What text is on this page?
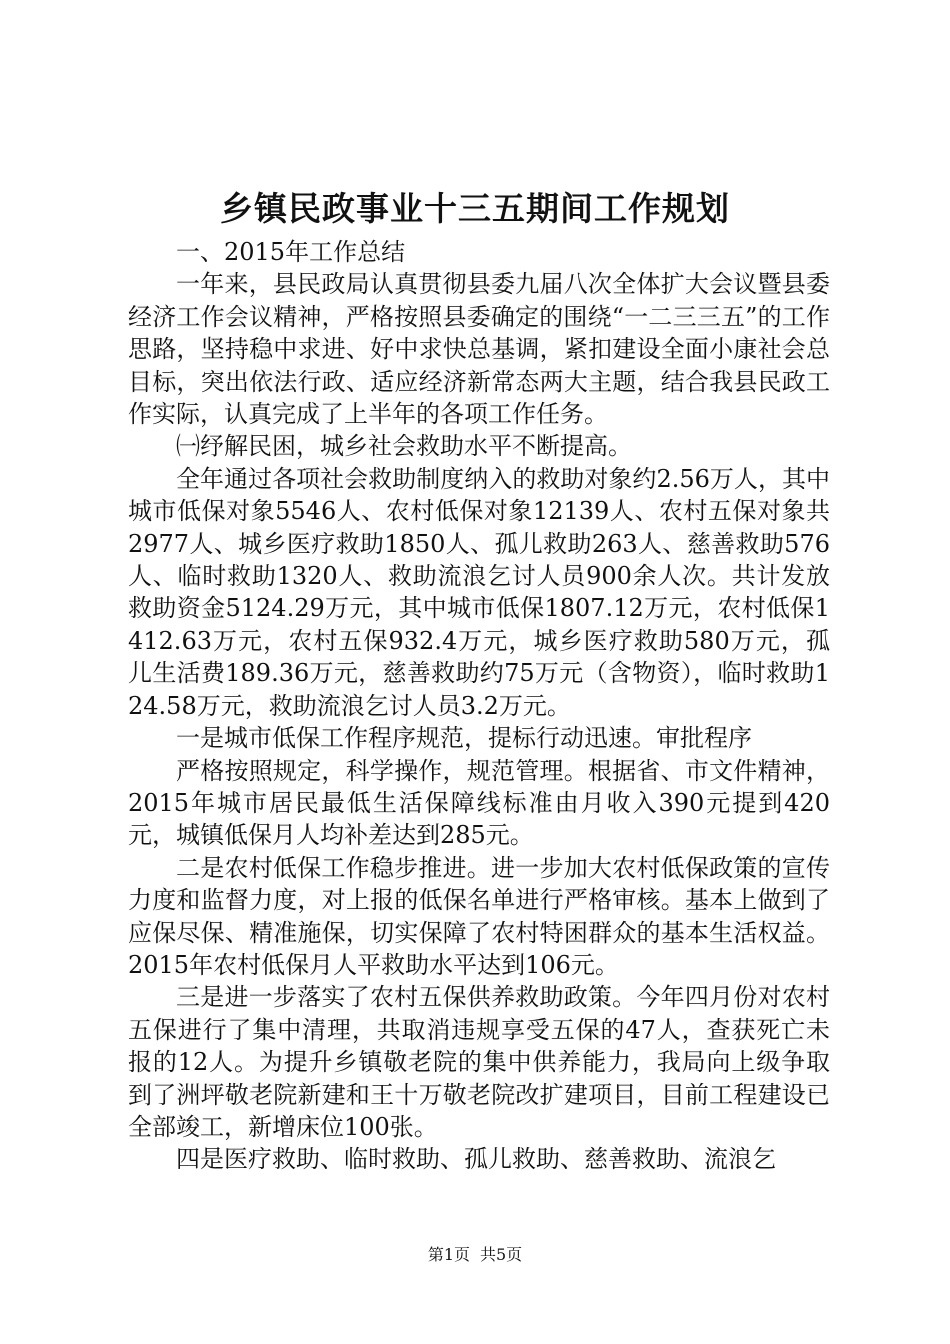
乡镇民政事业十三五期间工作规划

一、2015年工作总结

一年来，县民政局认真贯彻县委九届八次全体扩大会议暨县委经济工作会议精神，严格按照县委确定的围绕“一二三三五”的工作思路，坚持稳中求进、好中求快总基调，紧扣建设全面小康社会总目标，突出依法行政、适应经济新常态两大主题，结合我县民政工作实际，认真完成了上半年的各项工作任务。

㈠纾解民困，城乡社会救助水平不断提高。

全年通过各项社会救助制度纳入的救助对象约2.56万人，其中城市低保对象5546人、农村低保对象12139人、农村五保对象共2977人、城乡医疗救助1850人、孤儿救助263人、慈善救助576人、临时救助1320人、救助流浪乞讨人员900余人次。共计发放救助资金5124.29万元，其中城市低保1807.12万元，农村低保1412.63万元，农村五保932.4万元，城乡医疗救助580万元，孤儿生活费189.36万元，慈善救助约75万元（含物资），临时救助124.58万元，救助流浪乞讨人员3.2万元。

一是城市低保工作程序规范，提标行动迅速。审批程序

严格按照规定，科学操作，规范管理。根据省、市文件精神，2015年城市居民最低生活保障线标准由月收入390元提到420元，城镇低保月人均补差达到285元。

二是农村低保工作稳步推进。进一步加大农村低保政策的宣传力度和监督力度，对上报的低保名单进行严格审核。基本上做到了应保尽保、精准施保，切实保障了农村特困群众的基本生活权益。2015年农村低保月人平救助水平达到106元。

三是进一步落实了农村五保供养救助政策。今年四月份对农村五保进行了集中清理，共取消违规享受五保的47人，查获死亡未报的12人。为提升乡镇敬老院的集中供养能力，我局向上级争取到了洲坪敬老院新建和王十万敬老院改扩建项目，目前工程建设已全部竣工，新增床位100张。

四是医疗救助、临时救助、孤儿救助、慈善救助、流浪乞

第1页 共5页
